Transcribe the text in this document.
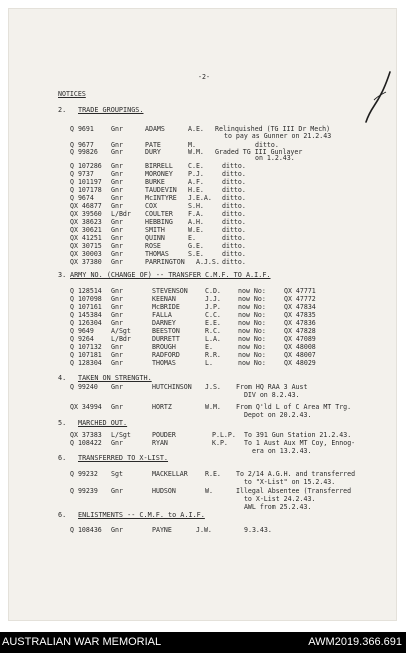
-2-
NOTICES
2. TRADE GROUPINGS.
Q 9691	Gnr	ADAMS	A.E. Relinquished (TG III Dr Mech)
to pay as Gunner on 21.2.43
Q 9677	Gnr	PATE	M.	ditto.
Q 99826 Gnr	DURY	W.M. Graded TG III Gunlayer
on 1.2.43.
Q 107286 Gnr	BIRRELL C.E.	ditto.
Q 9737	Gnr	MORONEY P.J.	ditto.
Q 101197 Gnr	BURKE	A.F.	ditto.
Q 107178 Gnr	TAUDEVIN H.E.	ditto.
Q 9674	Gnr	McINTYRE J.E.A. ditto.
QX 46877 Gnr	COX	S.H.	ditto.
QX 39560 L/Bdr COULTER F.A.	ditto.
QX 38623 Gnr	HEBBING A.H.	ditto.
QX 30621 Gnr	SMITH	W.E.	ditto.
QX 41251 Gnr	QUINN	E.	ditto.
QX 30715 Gnr	ROSE	G.E.	ditto.
QX 30003 Gnr	THOMAS	S.E.	ditto.
QX 37380 Gnr	PARRINGTON A.J.S. ditto.
3. ARMY NO. (CHANGE OF) -- TRANSFER C.M.F. TO A.I.F.
Q 128514 Gnr	STEVENSON	C.D.	now No:	QX 47771
Q 107098 Gnr	KEENAN	J.J.	now No:	QX 47772
Q 107161 Gnr	McBRIDE	J.P.	now No:	QX 47834
Q 145384 Gnr	FALLA	C.C.	now No:	QX 47835
Q 126304 Gnr	DARNEY	E.E.	now No:	QX 47836
Q 9649	A/Sgt	BEESTON	R.C.	now No:	QX 47828
Q 9264	L/Bdr	DURRETT	L.A.	now No:	QX 47089
Q 107132 Gnr	BROUGH	E.	now No:	QX 48008
Q 107181 Gnr	RADFORD	R.R.	now No:	QX 48007
Q 128304 Gnr	THOMAS	L.	now No:	QX 48029
4. TAKEN ON STRENGTH.
Q 99240 Gnr	HUTCHINSON J.S. From HQ RAA 3 Aust
DIV on 8.2.43.
QX 34994 Gnr	HORTZ	W.M. From Q'ld L of C Area MT Trg.
Depot on 20.2.43.
5. MARCHED OUT.
QX 37383 L/Sgt	POUDER	P.L.P. To 391 Gun Station 21.2.43.
Q 108422 Gnr	RYAN	K.P. To 1 Aust Aux MT Coy, Ennog-
era on 13.2.43.
6. TRANSFERRED TO X-LIST.
Q 99232 Sgt	MACKELLAR	R.E. To 2/14 A.G.H. and transferred
to "X-List" on 15.2.43.
Q 99239 Gnr	HUDSON	W.	Illegal Absentee (Transferred
to X-List 24.2.43.
AWL from 25.2.43.
6. ENLISTMENTS -- C.M.F. to A.I.F.
Q 108436 Gnr	PAYNE	J.W.	9.3.43.
AUSTRALIAN WAR MEMORIAL	AWM2019.366.691
